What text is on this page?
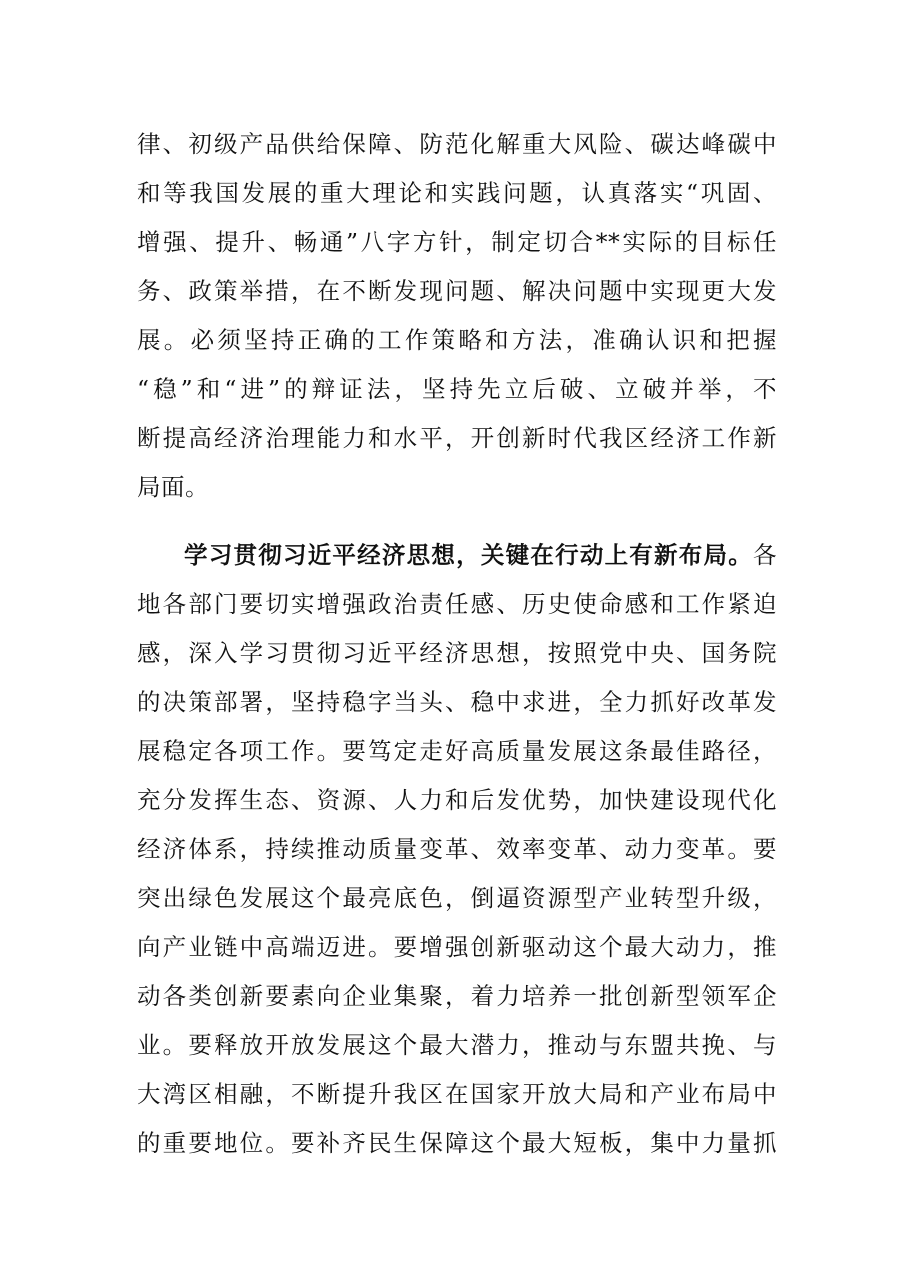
律、初级产品供给保障、防范化解重大风险、碳达峰碳中
和等我国发展的重大理论和实践问题，认真落实“巩固、
增强、提升、畅通”八字方针，制定切合**实际的目标任
务、政策举措，在不断发现问题、解决问题中实现更大发
展。必须坚持正确的工作策略和方法，准确认识和把握
“稳”和“进”的辩证法，坚持先立后破、立破并举，不
断提高经济治理能力和水平，开创新时代我区经济工作新
局面。
学习贯彻习近平经济思想，关键在行动上有新布局。各
地各部门要切实增强政治责任感、历史使命感和工作紧迫
感，深入学习贯彻习近平经济思想，按照党中央、国务院
的决策部署，坚持稳字当头、稳中求进，全力抓好改革发
展稳定各项工作。要笃定走好高质量发展这条最佳路径，
充分发挥生态、资源、人力和后发优势，加快建设现代化
经济体系，持续推动质量变革、效率变革、动力变革。要
突出绿色发展这个最亮底色，倒逼资源型产业转型升级，
向产业链中高端迈进。要增强创新驱动这个最大动力，推
动各类创新要素向企业集聚，着力培养一批创新型领军企
业。要释放开放发展这个最大潜力，推动与东盟共挽、与
大湾区相融，不断提升我区在国家开放大局和产业布局中
的重要地位。要补齐民生保障这个最大短板，集中力量抓
